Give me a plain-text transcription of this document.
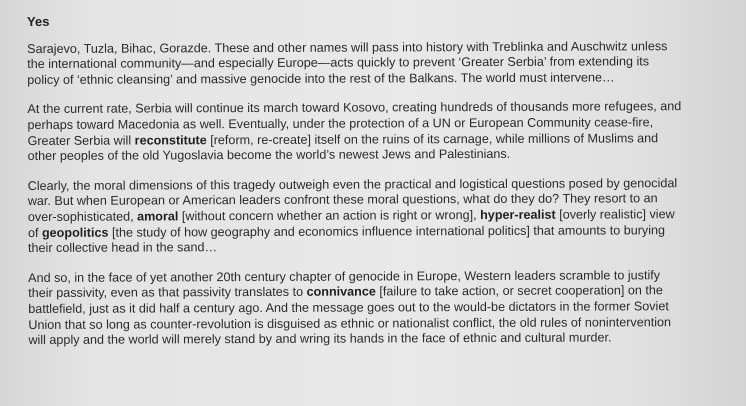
Yes
Sarajevo, Tuzla, Bihac, Gorazde. These and other names will pass into history with Treblinka and Auschwitz unless
the international community—and especially Europe—acts quickly to prevent ‘Greater Serbia’ from extending its
policy of ‘ethnic cleansing’ and massive genocide into the rest of the Balkans. The world must intervene…
At the current rate, Serbia will continue its march toward Kosovo, creating hundreds of thousands more refugees, and
perhaps toward Macedonia as well. Eventually, under the protection of a UN or European Community cease-fire,
Greater Serbia will reconstitute [reform, re-create] itself on the ruins of its carnage, while millions of Muslims and
other peoples of the old Yugoslavia become the world’s newest Jews and Palestinians.
Clearly, the moral dimensions of this tragedy outweigh even the practical and logistical questions posed by genocidal
war. But when European or American leaders confront these moral questions, what do they do? They resort to an
over-sophisticated, amoral [without concern whether an action is right or wrong], hyper-realist [overly realistic] view
of geopolitics [the study of how geography and economics influence international politics] that amounts to burying
their collective head in the sand…
And so, in the face of yet another 20th century chapter of genocide in Europe, Western leaders scramble to justify
their passivity, even as that passivity translates to connivance [failure to take action, or secret cooperation] on the
battlefield, just as it did half a century ago. And the message goes out to the would-be dictators in the former Soviet
Union that so long as counter-revolution is disguised as ethnic or nationalist conflict, the old rules of nonintervention
will apply and the world will merely stand by and wring its hands in the face of ethnic and cultural murder.
